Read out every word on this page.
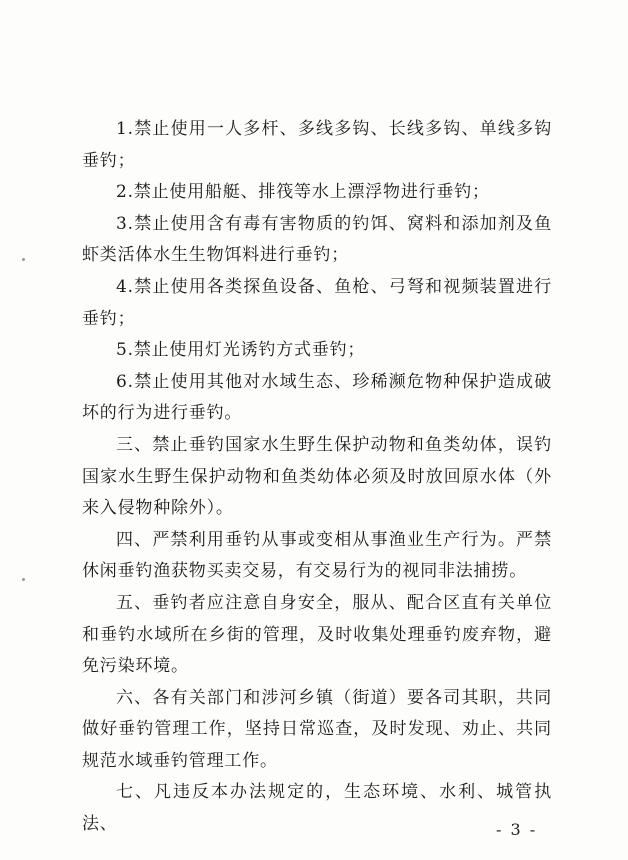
1.禁止使用一人多杆、多线多钩、长线多钩、单线多钩垂钓；

2.禁止使用船艇、排筏等水上漂浮物进行垂钓；

3.禁止使用含有毒有害物质的钓饵、窝料和添加剂及鱼虾类活体水生生物饵料进行垂钓；

4.禁止使用各类探鱼设备、鱼枪、弓弩和视频装置进行垂钓；

5.禁止使用灯光诱钓方式垂钓；

6.禁止使用其他对水域生态、珍稀濒危物种保护造成破坏的行为进行垂钓。

三、禁止垂钓国家水生野生保护动物和鱼类幼体，误钓国家水生野生保护动物和鱼类幼体必须及时放回原水体（外来入侵物种除外）。

四、严禁利用垂钓从事或变相从事渔业生产行为。严禁休闲垂钓渔获物买卖交易，有交易行为的视同非法捕捞。

五、垂钓者应注意自身安全，服从、配合区直有关单位和垂钓水域所在乡街的管理，及时收集处理垂钓废弃物，避免污染环境。

六、各有关部门和涉河乡镇（街道）要各司其职，共同做好垂钓管理工作，坚持日常巡查，及时发现、劝止、共同规范水域垂钓管理工作。

七、凡违反本办法规定的，生态环境、水利、城管执法、	- 3 -
